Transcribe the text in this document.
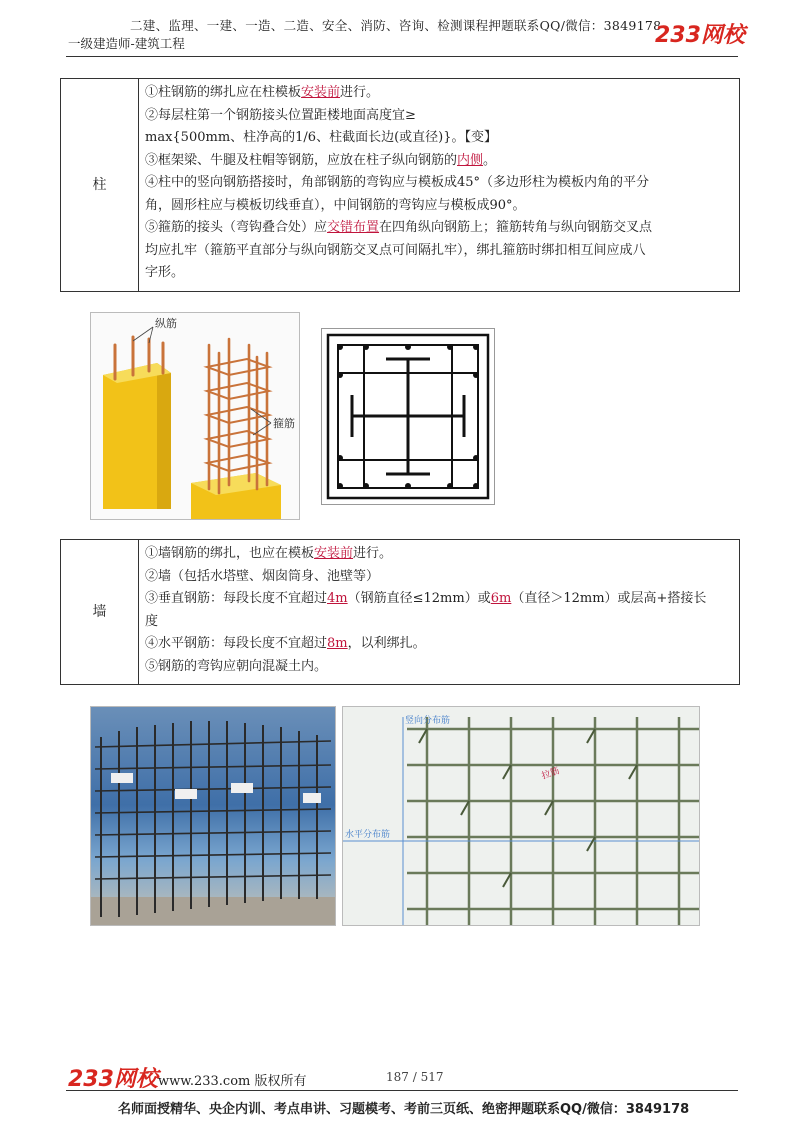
二建、监理、一建、一造、二造、安全、消防、咨询、检测课程押题联系QQ/微信：3849178
一级建造师-建筑工程	233网校
柱	
①柱钢筋的绑扎应在柱模板安装前进行。
②每层柱第一个钢筋接头位置距楼地面高度宜≥
max{500mm、柱净高的1/6、柱截面长边(或直径)}。【变】
③框架梁、牛腿及柱帽等钢筋，应放在柱子纵向钢筋的内侧。
④柱中的竖向钢筋搭接时，角部钢筋的弯钩应与模板成45°（多边形柱为模板内角的平分
角，圆形柱应与模板切线垂直），中间钢筋的弯钩应与模板成90°。
⑤箍筋的接头（弯钩叠合处）应交错布置在四角纵向钢筋上；箍筋转角与纵向钢筋交叉点
均应扎牢（箍筋平直部分与纵向钢筋交叉点可间隔扎牢），绑扎箍筋时绑扣相互间应成八
字形。
纵筋
箍筋
墙	
①墙钢筋的绑扎，也应在模板安装前进行。
②墙（包括水塔壁、烟囱筒身、池壁等）
③垂直钢筋：每段长度不宜超过4m（钢筋直径≤12mm）或6m（直径＞12mm）或层高+搭接长
度
④水平钢筋：每段长度不宜超过8m，以利绑扎。
⑤钢筋的弯钩应朝向混凝土内。
竖向分布筋
水平分布筋
拉筋
233网校 www.233.com 版权所有	187 / 517
名师面授精华、央企内训、考点串讲、习题模考、考前三页纸、绝密押题联系QQ/微信：3849178
